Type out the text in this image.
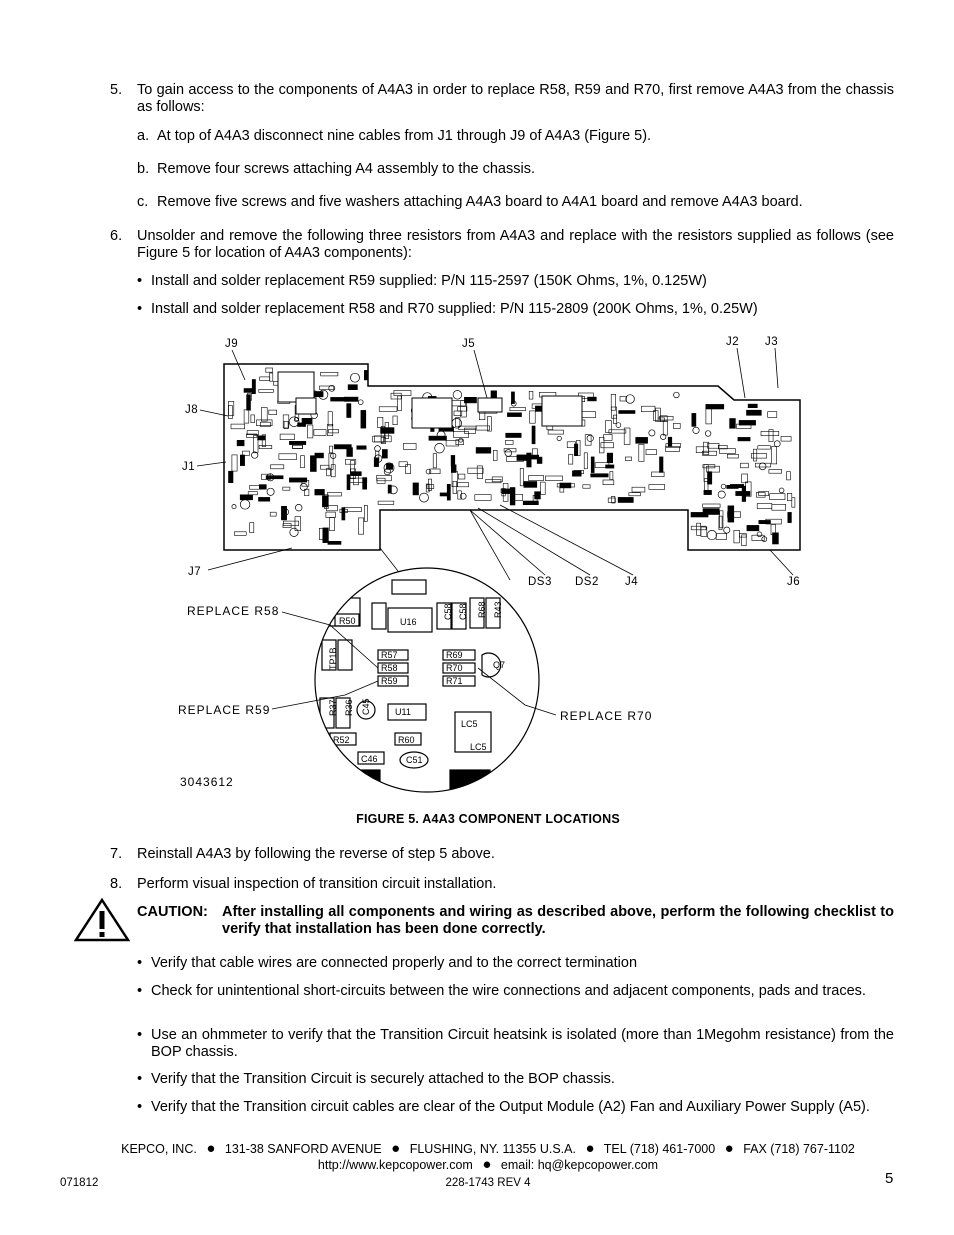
5. To gain access to the components of A4A3 in order to replace R58, R59 and R70, first remove A4A3 from the chassis as follows:
a. At top of A4A3 disconnect nine cables from J1 through J9 of A4A3 (Figure 5).
b. Remove four screws attaching A4 assembly to the chassis.
c. Remove five screws and five washers attaching A4A3 board to A4A1 board and remove A4A3 board.
6. Unsolder and remove the following three resistors from A4A3 and replace with the resistors supplied as follows (see Figure 5 for location of A4A3 components):
• Install and solder replacement R59 supplied: P/N 115-2597 (150K Ohms, 1%, 0.125W)
• Install and solder replacement R58 and R70 supplied: P/N 115-2809 (200K Ohms, 1%, 0.25W)
J9	J5	J2 J3
J8
J1
J7
DS3 DS2 J4	J6
R50	U16
C58 C58 R68 R43
R57
R58
R59
R69
R70
R71
Q7
U11
LC5
LC5
R52	R60
C46	C51
TP1B
R37 R36 C45
REPLACE R58
REPLACE R59	REPLACE R70
3043612
FIGURE 5. A4A3 COMPONENT LOCATIONS
7. Reinstall A4A3 by following the reverse of step 5 above.
8. Perform visual inspection of transition circuit installation.
CAUTION: After installing all components and wiring as described above, perform the following checklist to verify that installation has been done correctly.
• Verify that cable wires are connected properly and to the correct termination
• Check for unintentional short-circuits between the wire connections and adjacent components, pads and traces.
• Use an ohmmeter to verify that the Transition Circuit heatsink is isolated (more than 1Megohm resistance) from the BOP chassis.
• Verify that the Transition Circuit is securely attached to the BOP chassis.
• Verify that the Transition circuit cables are clear of the Output Module (A2) Fan and Auxiliary Power Supply (A5).
KEPCO, INC. ● 131-38 SANFORD AVENUE ● FLUSHING, NY. 11355 U.S.A. ● TEL (718) 461-7000 ● FAX (718) 767-1102
http://www.kepcopower.com ● email: hq@kepcopower.com
071812	228-1743 REV 4	5
